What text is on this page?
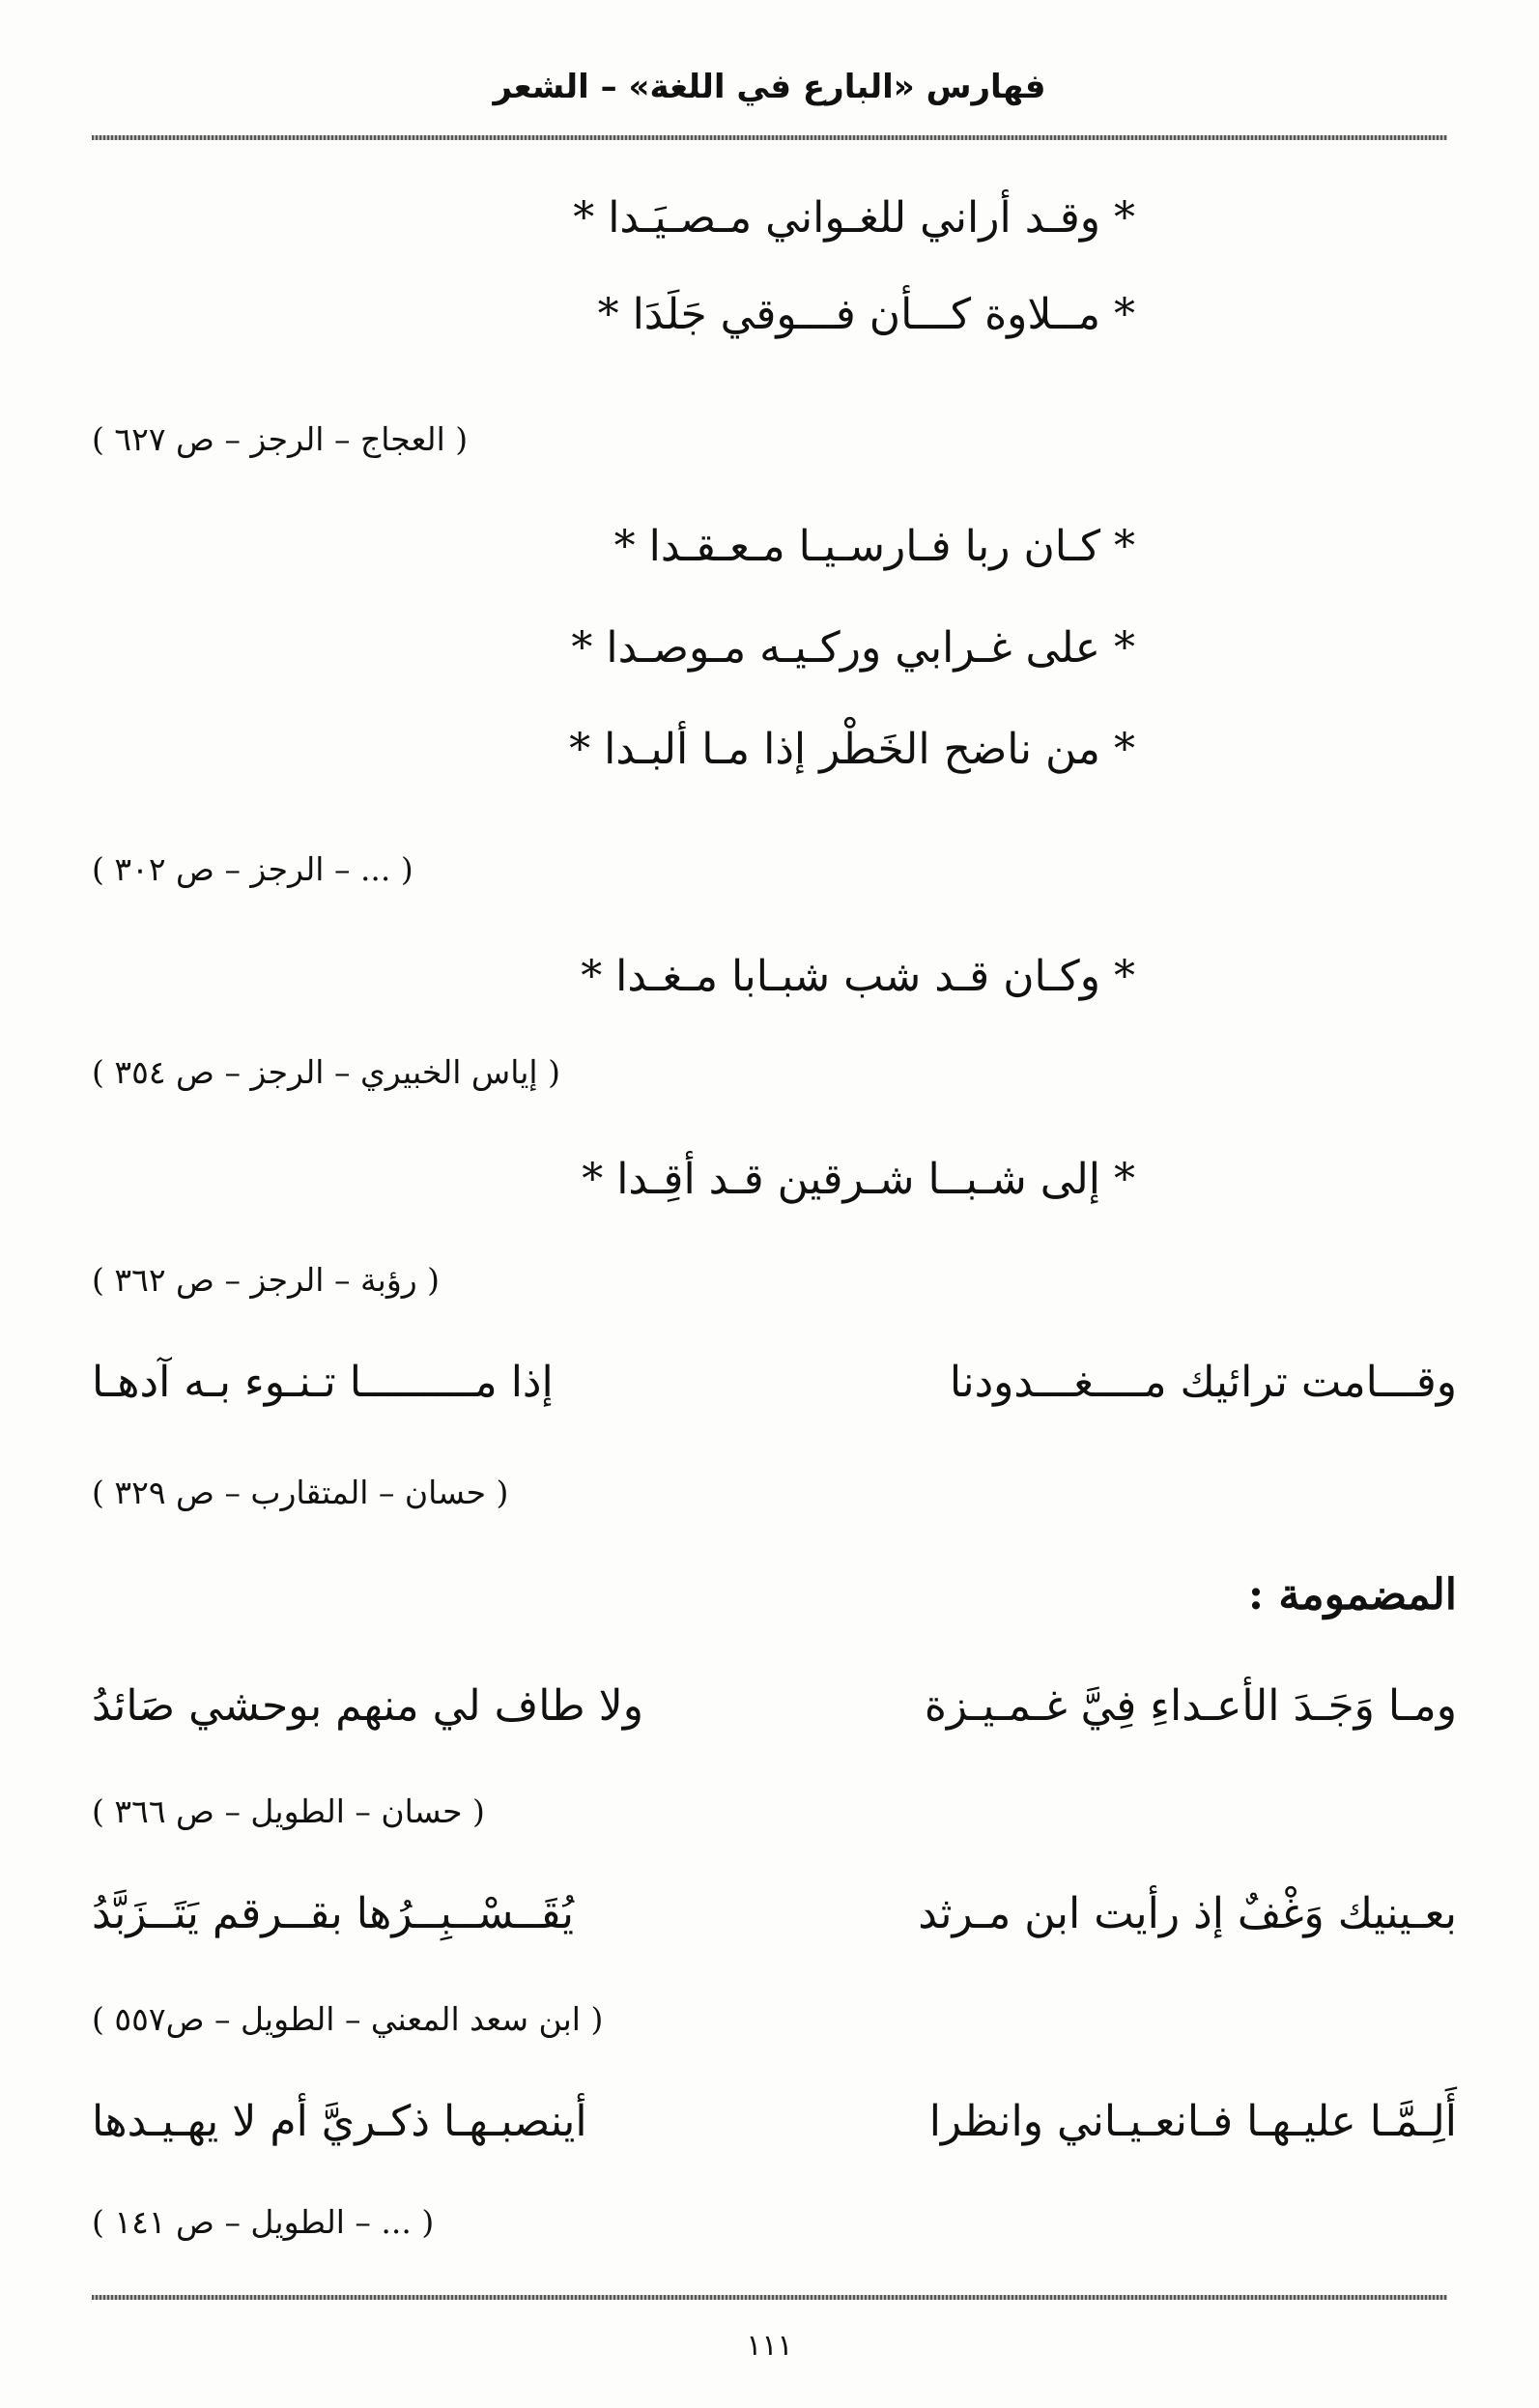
فهارس «البارع في اللغة» – الشعر
* وقـد أراني للغـواني مـصـيَـدا *
* مــلاوة كـــأن فـــوقي جَلَدَا *
( العجاج – الرجز – ص ٦٢٧ )
* كـان ربا فـارسـيـا مـعـقـدا *
* على غـرابي وركـيـه مـوصـدا *
* من ناضح الخَطْر إذا مـا ألبـدا *
( ... – الرجز – ص ٣٠٢ )
* وكـان قـد شب شبـابا مـغـدا *
( إياس الخبيري – الرجز – ص ٣٥٤ )
* إلى شـبــا شـرقين قـد أقِـدا *
( رؤبة – الرجز – ص ٣٦٢ )
وقـــامت ترائيك مــــغـــدودنا
إذا مـــــــــا تـنـوء بـه آدهـا
( حسان – المتقارب – ص ٣٢٩ )
المضمومة :
ومـا وَجَـدَ الأعـداءِ فِيَّ غـمـيـزة
ولا طاف لي منهم بوحشي صَائدُ
( حسان – الطويل – ص ٣٦٦ )
بعـينيك وَغْفٌ إذ رأيت ابن مـرثد
يُقَــسْــبِــرُها بقــرقم يَتَــزَبَّدُ
( ابن سعد المعني – الطويل – ص٥٥٧ )
أَلِـمَّـا عليـهـا فـانعـيـاني وانظرا
أينصبـهـا ذكـريَّ أم لا يهـيـدها
( ... – الطويل – ص ١٤١ )
١١١
